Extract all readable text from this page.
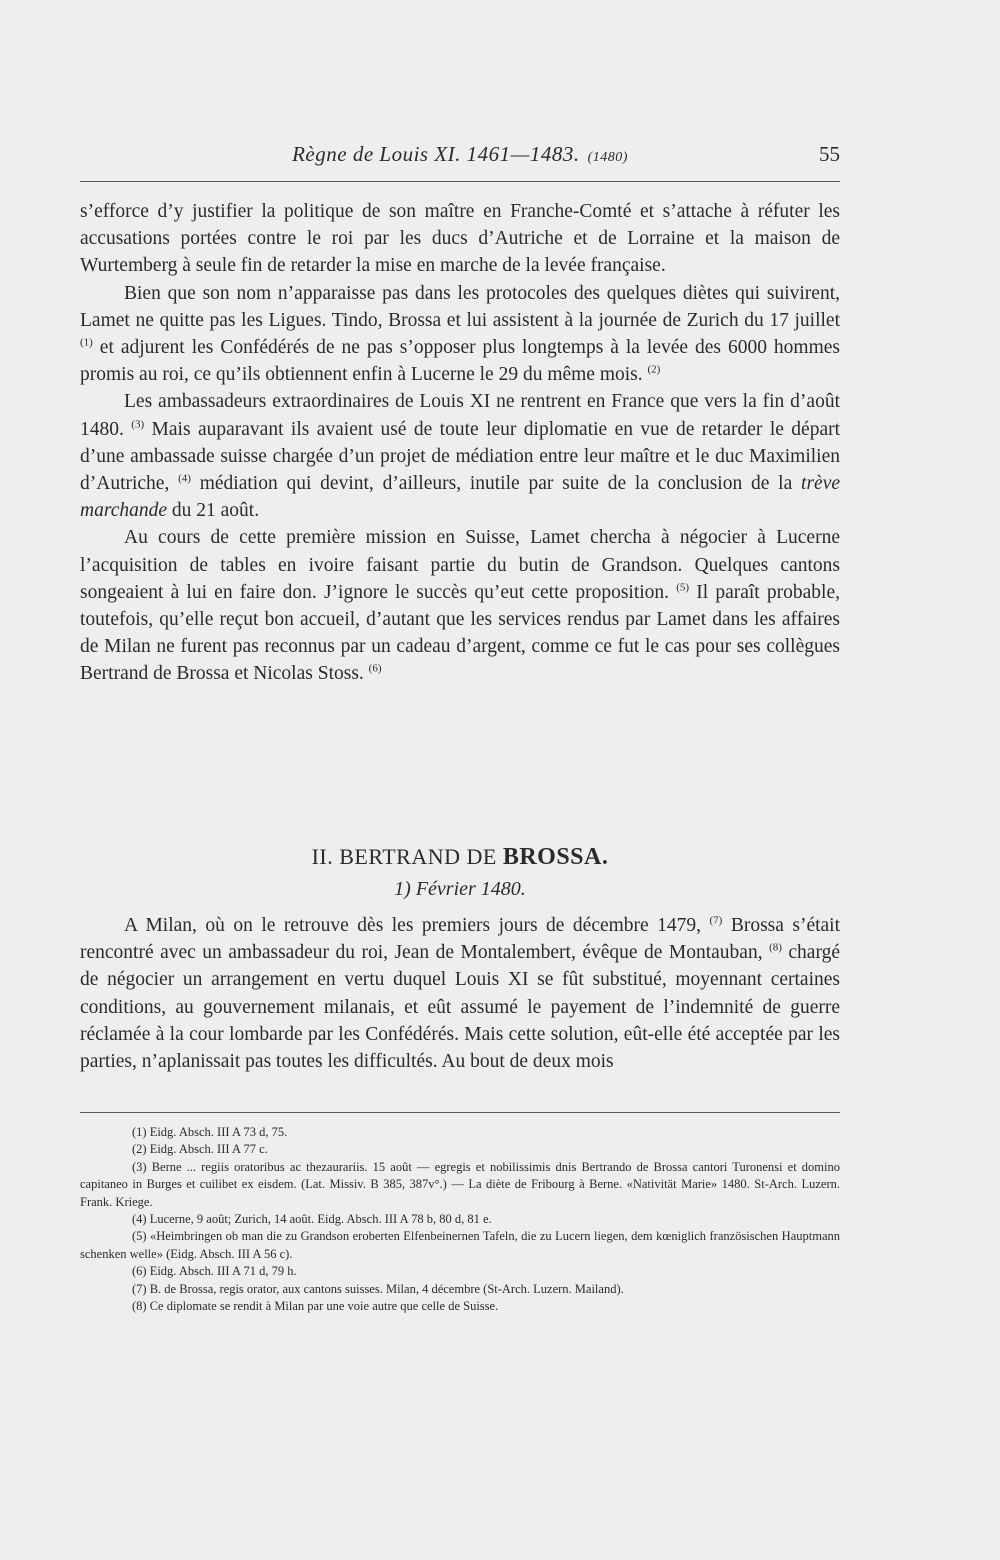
Règne de Louis XI. 1461—1483. (1480)	55

s’efforce d’y justifier la politique de son maître en Franche-Comté et s’attache à réfuter les accusations portées contre le roi par les ducs d’Autriche et de Lorraine et la maison de Wurtemberg à seule fin de retarder la mise en marche de la levée française.

Bien que son nom n’apparaisse pas dans les protocoles des quelques diètes qui suivirent, Lamet ne quitte pas les Ligues. Tindo, Brossa et lui assistent à la journée de Zurich du 17 juillet $^{(1)}$ et adjurent les Confédérés de ne pas s’opposer plus longtemps à la levée des 6000 hommes promis au roi, ce qu’ils obtiennent enfin à Lucerne le 29 du même mois. $^{(2)}$

Les ambassadeurs extraordinaires de Louis XI ne rentrent en France que vers la fin d’août 1480. $^{(3)}$ Mais auparavant ils avaient usé de toute leur diplomatie en vue de retarder le départ d’une ambassade suisse chargée d’un projet de médiation entre leur maître et le duc Maximilien d’Autriche, $^{(4)}$ médiation qui devint, d’ailleurs, inutile par suite de la conclusion de la trève marchande du 21 août.

Au cours de cette première mission en Suisse, Lamet chercha à négocier à Lucerne l’acquisition de tables en ivoire faisant partie du butin de Grandson. Quelques cantons songeaient à lui en faire don. J’ignore le succès qu’eut cette proposition. $^{(5)}$ Il paraît probable, toutefois, qu’elle reçut bon accueil, d’autant que les services rendus par Lamet dans les affaires de Milan ne furent pas reconnus par un cadeau d’argent, comme ce fut le cas pour ses collègues Bertrand de Brossa et Nicolas Stoss. $^{(6)}$

II. BERTRAND DE BROSSA.
1) Février 1480.

A Milan, où on le retrouve dès les premiers jours de décembre 1479, $^{(7)}$ Brossa s’était rencontré avec un ambassadeur du roi, Jean de Montalembert, évêque de Montauban, $^{(8)}$ chargé de négocier un arrangement en vertu duquel Louis XI se fût substitué, moyennant certaines conditions, au gouvernement milanais, et eût assumé le payement de l’indemnité de guerre réclamée à la cour lombarde par les Confédérés. Mais cette solution, eût-elle été acceptée par les parties, n’aplanissait pas toutes les difficultés. Au bout de deux mois

(1) Eidg. Absch. III A 73 d, 75.

(2) Eidg. Absch. III A 77 c.

(3) Berne ... regiis oratoribus ac thezaurariis. 15 août — egregis et nobilissimis dnis Bertrando de Brossa cantori Turonensi et domino capitaneo in Burges et cuilibet ex eisdem. (Lat. Missiv. B 385, 387v°.) — La diète de Fribourg à Berne. «Nativität Marie» 1480. St-Arch. Luzern. Frank. Kriege.

(4) Lucerne, 9 août; Zurich, 14 août. Eidg. Absch. III A 78 b, 80 d, 81 e.

(5) «Heimbringen ob man die zu Grandson eroberten Elfenbeinernen Tafeln, die zu Lucern liegen, dem kœniglich französischen Hauptmann schenken welle» (Eidg. Absch. III A 56 c).

(6) Eidg. Absch. III A 71 d, 79 h.

(7) B. de Brossa, regis orator, aux cantons suisses. Milan, 4 décembre (St-Arch. Luzern. Mailand).

(8) Ce diplomate se rendit à Milan par une voie autre que celle de Suisse.
